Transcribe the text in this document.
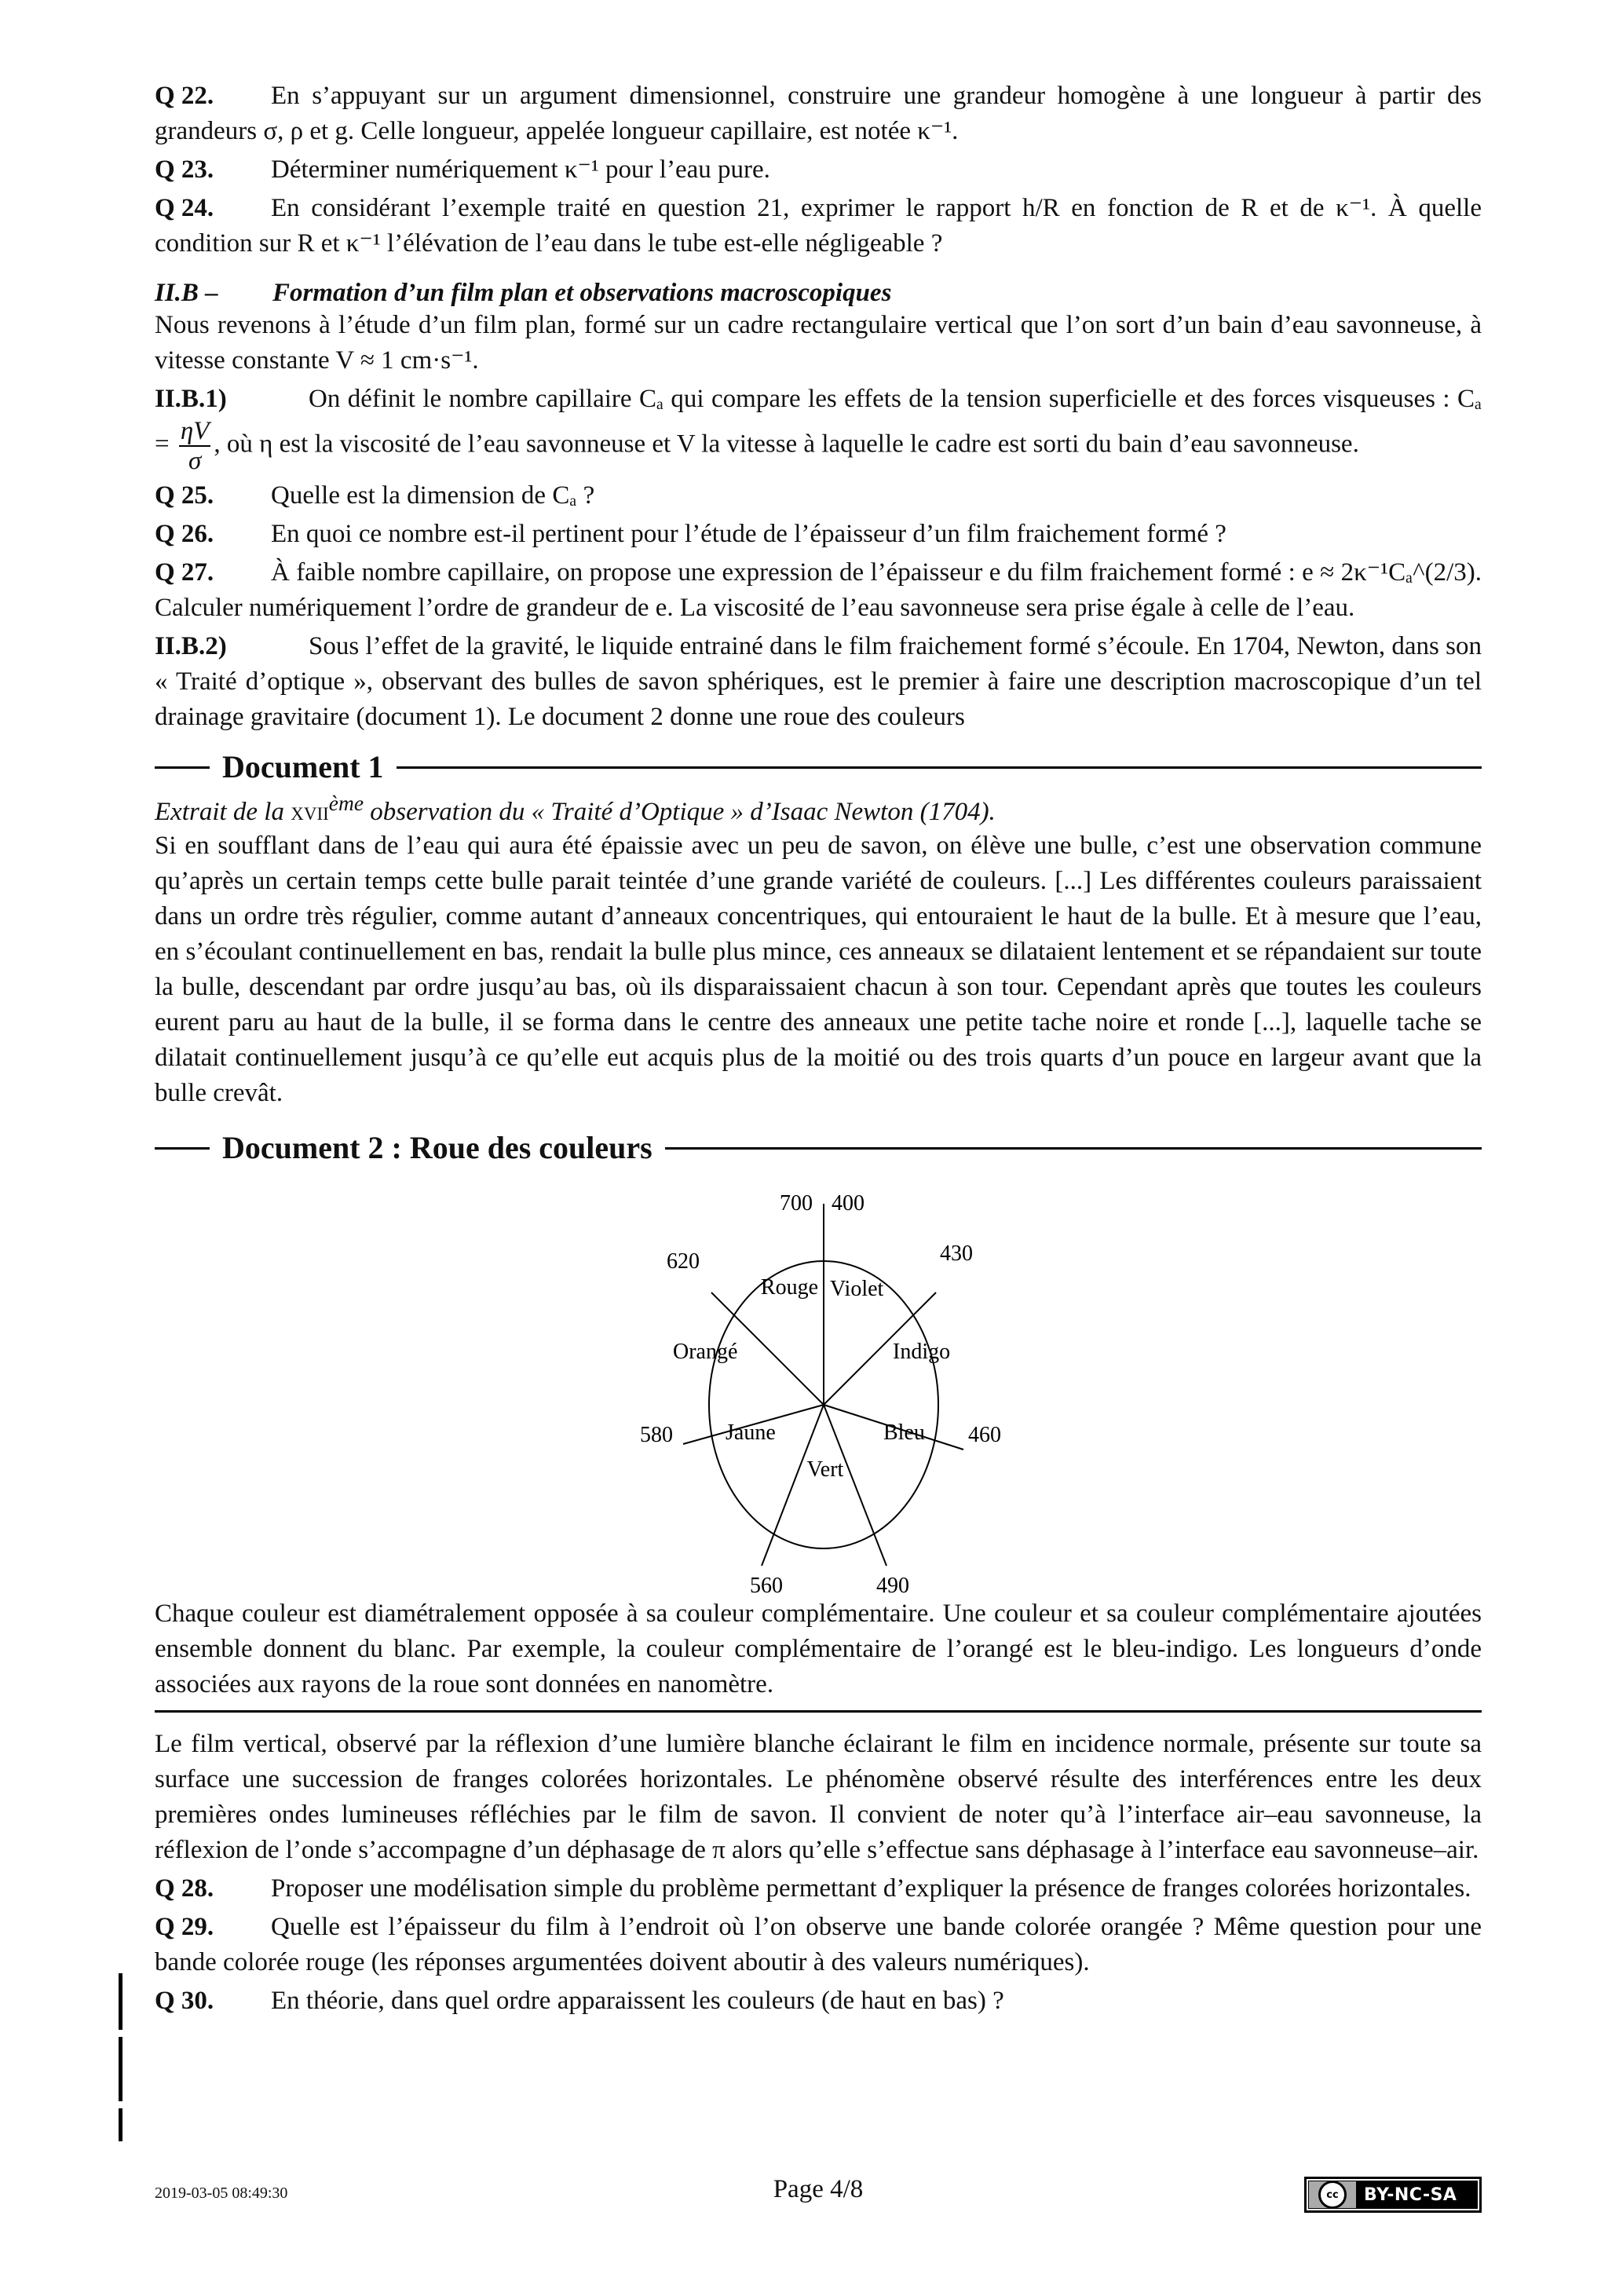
Q 22. En s’appuyant sur un argument dimensionnel, construire une grandeur homogène à une longueur à partir des grandeurs σ, ρ et g. Celle longueur, appelée longueur capillaire, est notée κ⁻¹.

Q 23. Déterminer numériquement κ⁻¹ pour l’eau pure.

Q 24. En considérant l’exemple traité en question 21, exprimer le rapport h/R en fonction de R et de κ⁻¹. À quelle condition sur R et κ⁻¹ l’élévation de l’eau dans le tube est-elle négligeable ?

II.B – Formation d’un film plan et observations macroscopiques

Nous revenons à l’étude d’un film plan, formé sur un cadre rectangulaire vertical que l’on sort d’un bain d’eau savonneuse, à vitesse constante V ≈ 1 cm·s⁻¹.

II.B.1)	On définit le nombre capillaire Cₐ qui compare les effets de la tension superficielle et des forces visqueuses : $C_a = \frac{\eta V}{\sigma}$ , où η est la viscosité de l’eau savonneuse et V la vitesse à laquelle le cadre est sorti du bain d’eau savonneuse.

Q 25. Quelle est la dimension de Cₐ ?

Q 26. En quoi ce nombre est-il pertinent pour l’étude de l’épaisseur d’un film fraichement formé ?

Q 27. À faible nombre capillaire, on propose une expression de l’épaisseur e du film fraichement formé : e ≈ 2κ⁻¹Cₐ^(2/3). Calculer numériquement l’ordre de grandeur de e. La viscosité de l’eau savonneuse sera prise égale à celle de l’eau.

II.B.2)	Sous l’effet de la gravité, le liquide entrainé dans le film fraichement formé s’écoule. En 1704, Newton, dans son « Traité d’optique », observant des bulles de savon sphériques, est le premier à faire une description macroscopique d’un tel drainage gravitaire (document 1). Le document 2 donne une roue des couleurs

Document 1
Extrait de la xvii$^{ème}$ observation du « Traité d’Optique » d’Isaac Newton (1704).

Si en soufflant dans de l’eau qui aura été épaissie avec un peu de savon, on élève une bulle, c’est une observation commune qu’après un certain temps cette bulle parait teintée d’une grande variété de couleurs. [...] Les différentes couleurs paraissaient dans un ordre très régulier, comme autant d’anneaux concentriques, qui entouraient le haut de la bulle. Et à mesure que l’eau, en s’écoulant continuellement en bas, rendait la bulle plus mince, ces anneaux se dilataient lentement et se répandaient sur toute la bulle, descendant par ordre jusqu’au bas, où ils disparaissaient chacun à son tour. Cependant après que toutes les couleurs eurent paru au haut de la bulle, il se forma dans le centre des anneaux une petite tache noire et ronde [...], laquelle tache se dilatait continuellement jusqu’à ce qu’elle eut acquis plus de la moitié ou des trois quarts d’un pouce en largeur avant que la bulle crevât.

Document 2 : Roue des couleurs
700 400
430
460
490
560
580
620
Rouge Violet
Indigo
Bleu
Vert
Jaune
Orangé

Chaque couleur est diamétralement opposée à sa couleur complémentaire. Une couleur et sa couleur complémentaire ajoutées ensemble donnent du blanc. Par exemple, la couleur complémentaire de l’orangé est le bleu-indigo. Les longueurs d’onde associées aux rayons de la roue sont données en nanomètre.

Le film vertical, observé par la réflexion d’une lumière blanche éclairant le film en incidence normale, présente sur toute sa surface une succession de franges colorées horizontales. Le phénomène observé résulte des interférences entre les deux premières ondes lumineuses réfléchies par le film de savon. Il convient de noter qu’à l’interface air–eau savonneuse, la réflexion de l’onde s’accompagne d’un déphasage de π alors qu’elle s’effectue sans déphasage à l’interface eau savonneuse–air.

Q 28. Proposer une modélisation simple du problème permettant d’expliquer la présence de franges colorées horizontales.

Q 29. Quelle est l’épaisseur du film à l’endroit où l’on observe une bande colorée orangée ? Même question pour une bande colorée rouge (les réponses argumentées doivent aboutir à des valeurs numériques).

Q 30. En théorie, dans quel ordre apparaissent les couleurs (de haut en bas) ?

2019-03-05 08:49:30	Page 4/8	cc	BY-NC-SA
